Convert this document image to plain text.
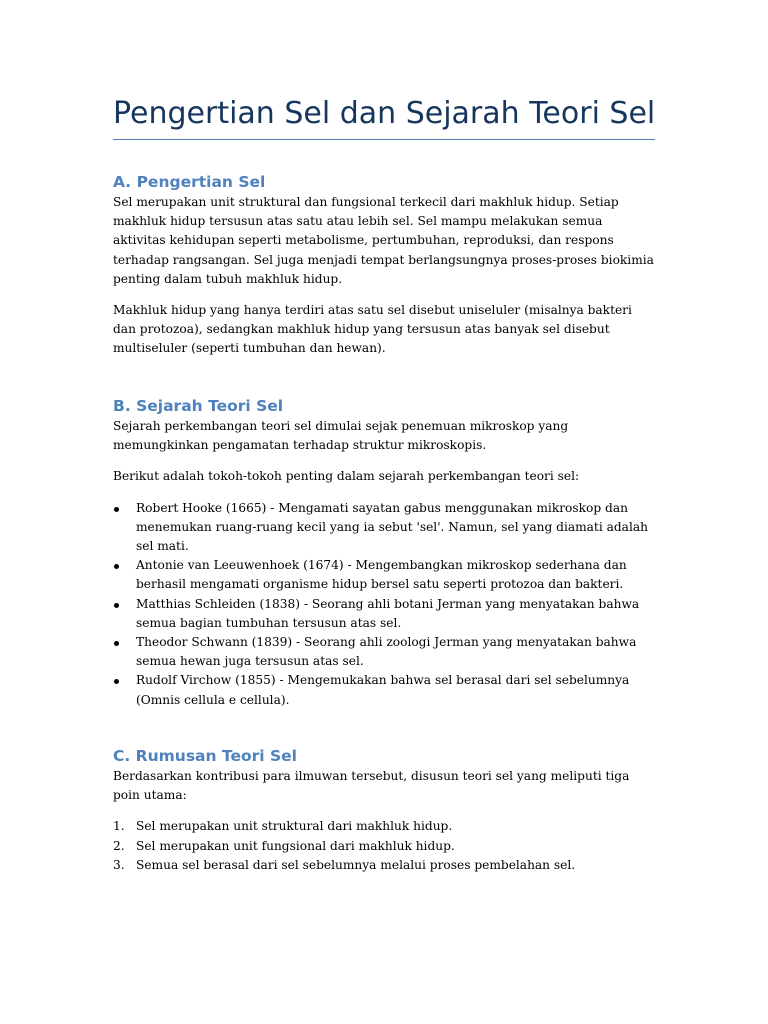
Pengertian Sel dan Sejarah Teori Sel
A. Pengertian Sel

Sel merupakan unit struktural dan fungsional terkecil dari makhluk hidup. Setiap makhluk hidup tersusun atas satu atau lebih sel. Sel mampu melakukan semua aktivitas kehidupan seperti metabolisme, pertumbuhan, reproduksi, dan respons terhadap rangsangan. Sel juga menjadi tempat berlangsungnya proses-proses biokimia penting dalam tubuh makhluk hidup.

Makhluk hidup yang hanya terdiri atas satu sel disebut uniseluler (misalnya bakteri dan protozoa), sedangkan makhluk hidup yang tersusun atas banyak sel disebut multiseluler (seperti tumbuhan dan hewan).

B. Sejarah Teori Sel

Sejarah perkembangan teori sel dimulai sejak penemuan mikroskop yang memungkinkan pengamatan terhadap struktur mikroskopis.

Berikut adalah tokoh-tokoh penting dalam sejarah perkembangan teori sel:

Robert Hooke (1665) - Mengamati sayatan gabus menggunakan mikroskop dan menemukan ruang-ruang kecil yang ia sebut 'sel'. Namun, sel yang diamati adalah sel mati.
Antonie van Leeuwenhoek (1674) - Mengembangkan mikroskop sederhana dan berhasil mengamati organisme hidup bersel satu seperti protozoa dan bakteri.
Matthias Schleiden (1838) - Seorang ahli botani Jerman yang menyatakan bahwa semua bagian tumbuhan tersusun atas sel.
Theodor Schwann (1839) - Seorang ahli zoologi Jerman yang menyatakan bahwa semua hewan juga tersusun atas sel.
Rudolf Virchow (1855) - Mengemukakan bahwa sel berasal dari sel sebelumnya (Omnis cellula e cellula).
C. Rumusan Teori Sel

Berdasarkan kontribusi para ilmuwan tersebut, disusun teori sel yang meliputi tiga poin utama:

1. Sel merupakan unit struktural dari makhluk hidup.
2. Sel merupakan unit fungsional dari makhluk hidup.
3. Semua sel berasal dari sel sebelumnya melalui proses pembelahan sel.
